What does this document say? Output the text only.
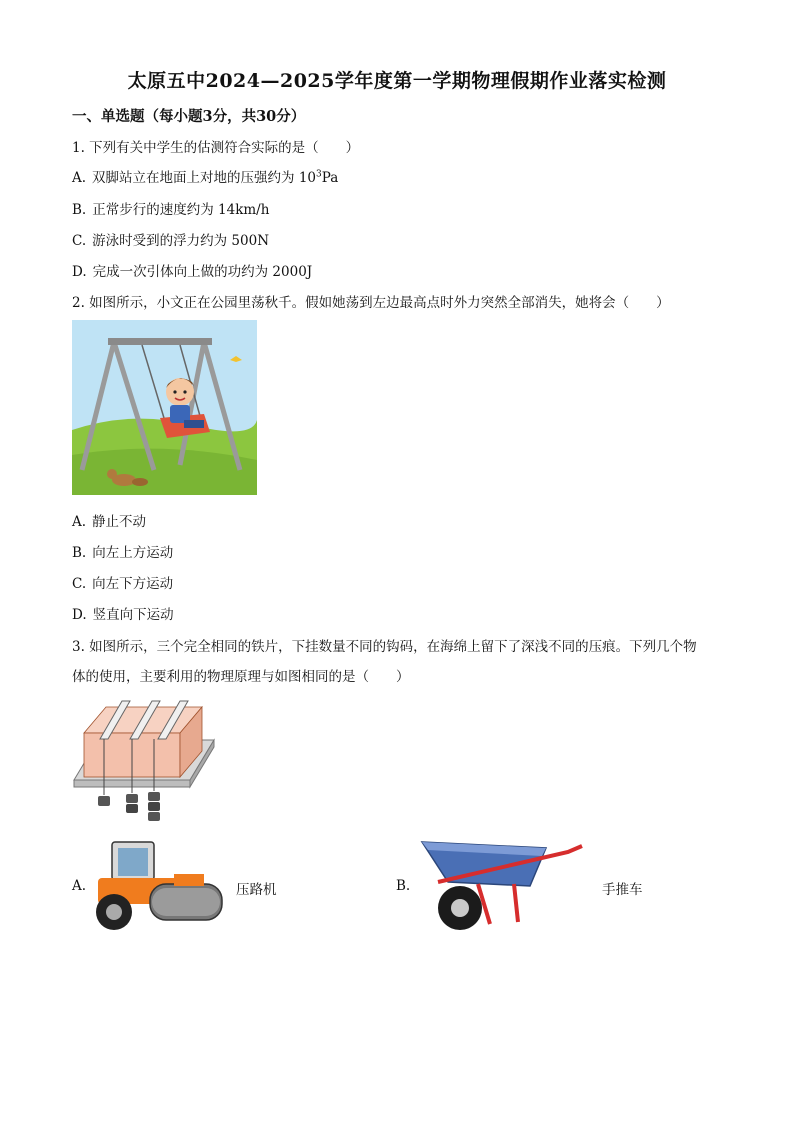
太原五中2024—2025学年度第一学期物理假期作业落实检测
一、单选题（每小题3分，共30分）
1. 下列有关中学生的估测符合实际的是（　　）
A. 双脚站立在地面上对地的压强约为 $10^3Pa$
B. 正常步行的速度约为 14km/h
C. 游泳时受到的浮力约为 500N
D. 完成一次引体向上做的功约为 2000J
2. 如图所示，小文正在公园里荡秋千。假如她荡到左边最高点时外力突然全部消失，她将会（　　）
A. 静止不动
B. 向左上方运动
C. 向左下方运动
D. 竖直向下运动
3. 如图所示，三个完全相同的铁片，下挂数量不同的钩码，在海绵上留下了深浅不同的压痕。下列几个物
体的使用，主要利用的物理原理与如图相同的是（　　）
A.	压路机	B.	手推车
